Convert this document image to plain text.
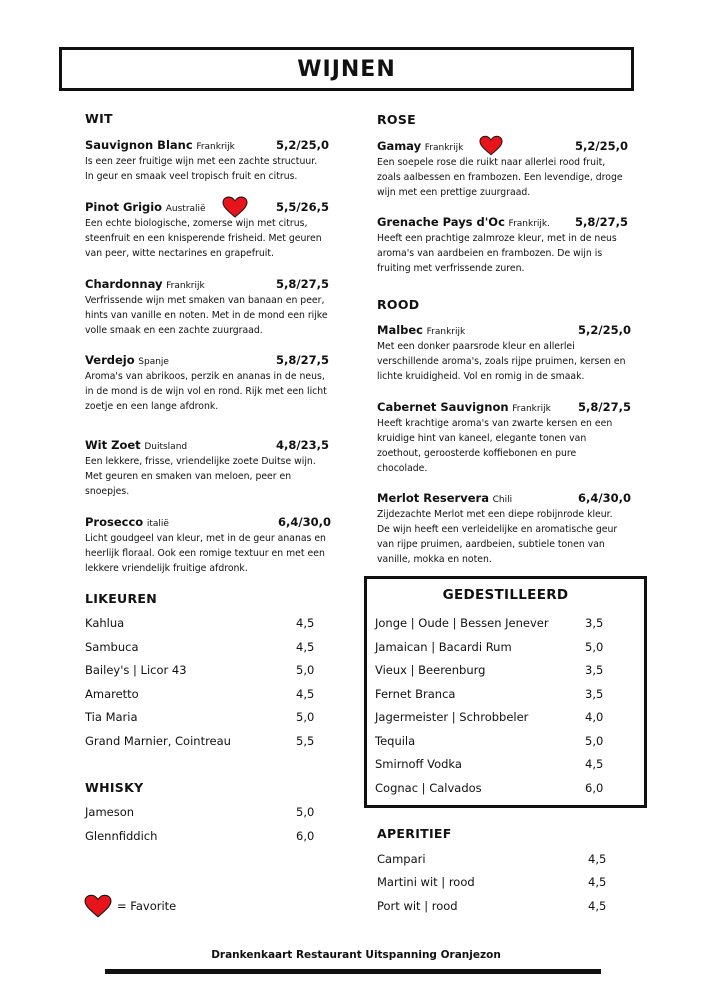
WIJNEN
WIT	ROSE
ROOD
LIKEUREN
WHISKY
APERITIEF
Sauvignon Blanc Frankrijk	5,2/25,0
Is een zeer fruitige wijn met een zachte structuur.
In geur en smaak veel tropisch fruit en citrus.
Pinot Grigio Australië	5,5/26,5
Een echte biologische, zomerse wijn met citrus,
steenfruit en een knisperende frisheid. Met geuren
van peer, witte nectarines en grapefruit.
Chardonnay Frankrijk	5,8/27,5
Verfrissende wijn met smaken van banaan en peer,
hints van vanille en noten. Met in de mond een rijke
volle smaak en een zachte zuurgraad.
Verdejo Spanje	5,8/27,5
Aroma's van abrikoos, perzik en ananas in de neus,
in de mond is de wijn vol en rond. Rijk met een licht
zoetje en een lange afdronk.
Wit Zoet Duitsland	4,8/23,5
Een lekkere, frisse, vriendelijke zoete Duitse wijn.
Met geuren en smaken van meloen, peer en
snoepjes.
Prosecco italië	6,4/30,0
Licht goudgeel van kleur, met in de geur ananas en
heerlijk floraal. Ook een romige textuur en met een
lekkere vriendelijk fruitige afdronk.
Gamay Frankrijk	5,2/25,0
Een soepele rose die ruikt naar allerlei rood fruit,
zoals aalbessen en frambozen. Een levendige, droge
wijn met een prettige zuurgraad.
Grenache Pays d'Oc Frankrijk. 5,8/27,5
Heeft een prachtige zalmroze kleur, met in de neus
aroma's van aardbeien en frambozen. De wijn is
fruiting met verfrissende zuren.
Malbec Frankrijk	5,2/25,0
Met een donker paarsrode kleur en allerlei
verschillende aroma's, zoals rijpe pruimen, kersen en
lichte kruidigheid. Vol en romig in de smaak.
Cabernet Sauvignon Frankrijk 5,8/27,5
Heeft krachtige aroma's van zwarte kersen en een
kruidige hint van kaneel, elegante tonen van
zoethout, geroosterde koffiebonen en pure
chocolade.
Merlot Reservera Chili	6,4/30,0
Zijdezachte Merlot met een diepe robijnrode kleur.
De wijn heeft een verleidelijke en aromatische geur
van rijpe pruimen, aardbeien, subtiele tonen van
vanille, mokka en noten.
Kahlua	4,5
Sambuca	4,5
Bailey's | Licor 43	5,0
Amaretto	4,5
Tia Maria	5,0
Grand Marnier, Cointreau	5,5
Jameson	5,0
Glennfiddich	6,0
GEDESTILLEERD
Jonge | Oude | Bessen Jenever	3,5
Jamaican | Bacardi Rum	5,0
Vieux | Beerenburg	3,5
Fernet Branca	3,5
Jagermeister | Schrobbeler	4,0
Tequila	5,0
Smirnoff Vodka	4,5
Cognac | Calvados	6,0
Campari	4,5
Martini wit | rood	4,5
Port wit | rood	4,5
= Favorite
Drankenkaart Restaurant Uitspanning Oranjezon
